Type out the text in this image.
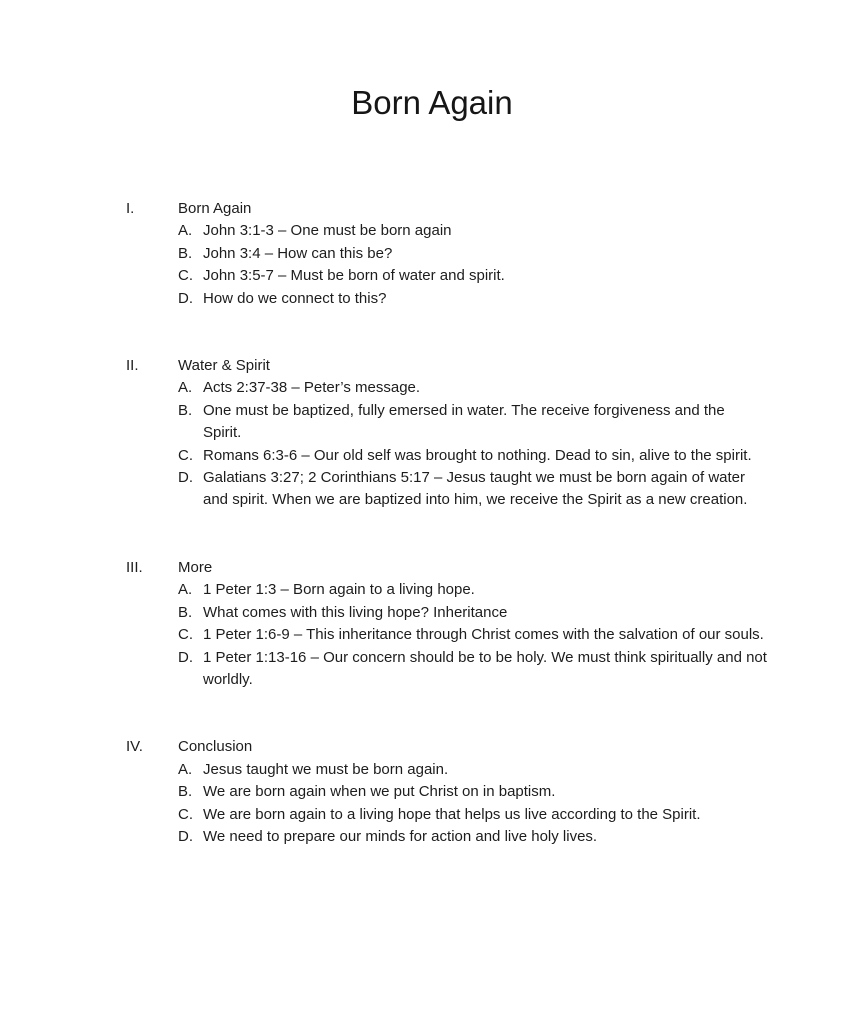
Born Again
I.	Born Again
A. John 3:1-3 – One must be born again
B. John 3:4 – How can this be?
C. John 3:5-7 – Must be born of water and spirit.
D. How do we connect to this?
II.	Water & Spirit
A. Acts 2:37-38 – Peter’s message.
B. One must be baptized, fully emersed in water. The receive forgiveness and the Spirit.
C. Romans 6:3-6 – Our old self was brought to nothing. Dead to sin, alive to the spirit.
D. Galatians 3:27; 2 Corinthians 5:17 – Jesus taught we must be born again of water and spirit. When we are baptized into him, we receive the Spirit as a new creation.
III.	More
A. 1 Peter 1:3 – Born again to a living hope.
B. What comes with this living hope? Inheritance
C. 1 Peter 1:6-9 – This inheritance through Christ comes with the salvation of our souls.
D. 1 Peter 1:13-16 – Our concern should be to be holy. We must think spiritually and not worldly.
IV.	Conclusion
A. Jesus taught we must be born again.
B. We are born again when we put Christ on in baptism.
C. We are born again to a living hope that helps us live according to the Spirit.
D. We need to prepare our minds for action and live holy lives.
